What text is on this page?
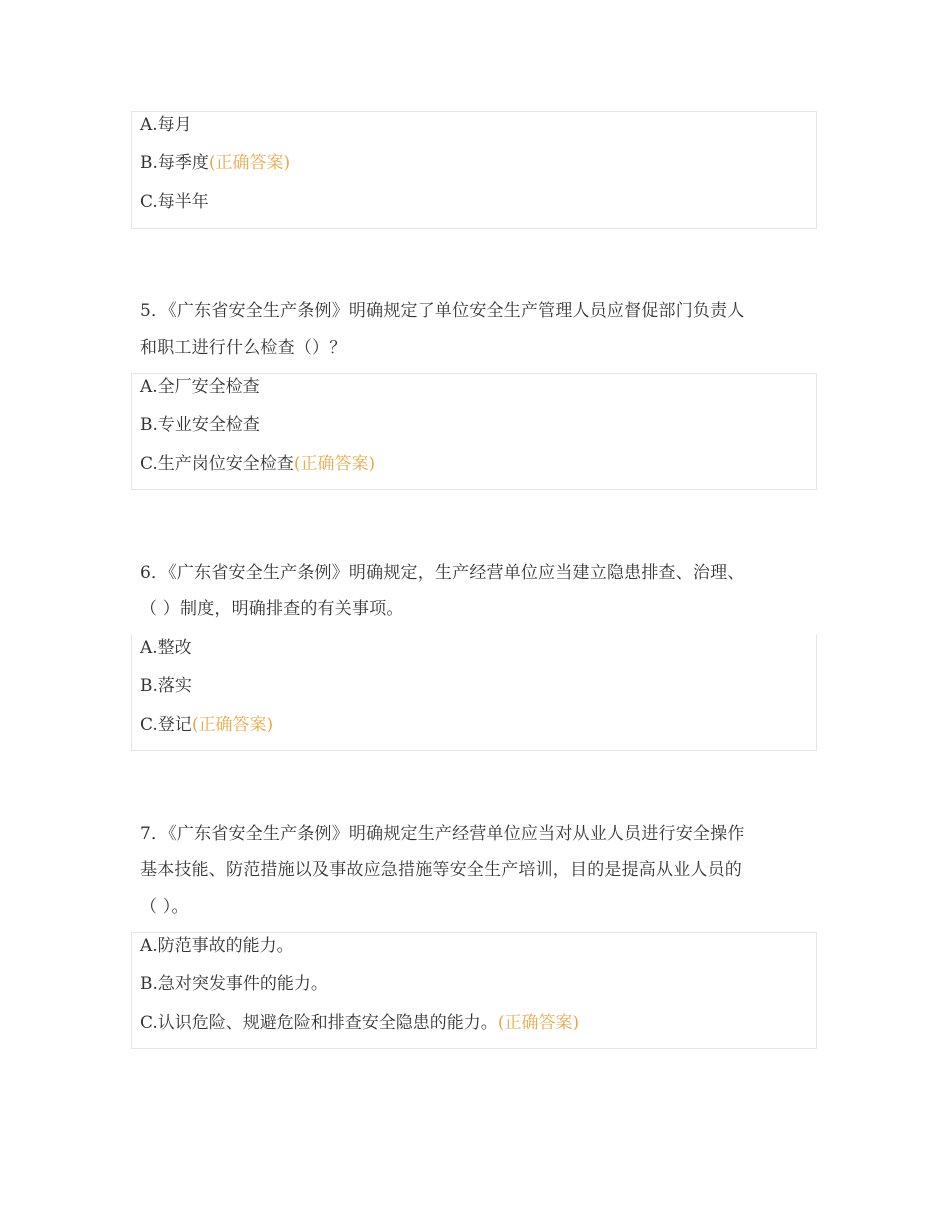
A.每月
B.每季度(正确答案)
C.每半年
5．《广东省安全生产条例》明确规定了单位安全生产管理人员应督促部门负责人
和职工进行什么检查（）？
A.全厂安全检查
B.专业安全检查
C.生产岗位安全检查(正确答案)
6．《广东省安全生产条例》明确规定，生产经营单位应当建立隐患排查、治理、
（ ）制度，明确排查的有关事项。
A.整改
B.落实
C.登记(正确答案)
7．《广东省安全生产条例》明确规定生产经营单位应当对从业人员进行安全操作
基本技能、防范措施以及事故应急措施等安全生产培训，目的是提高从业人员的
（ ）。
A.防范事故的能力。
B.急对突发事件的能力。
C.认识危险、规避危险和排查安全隐患的能力。(正确答案)
